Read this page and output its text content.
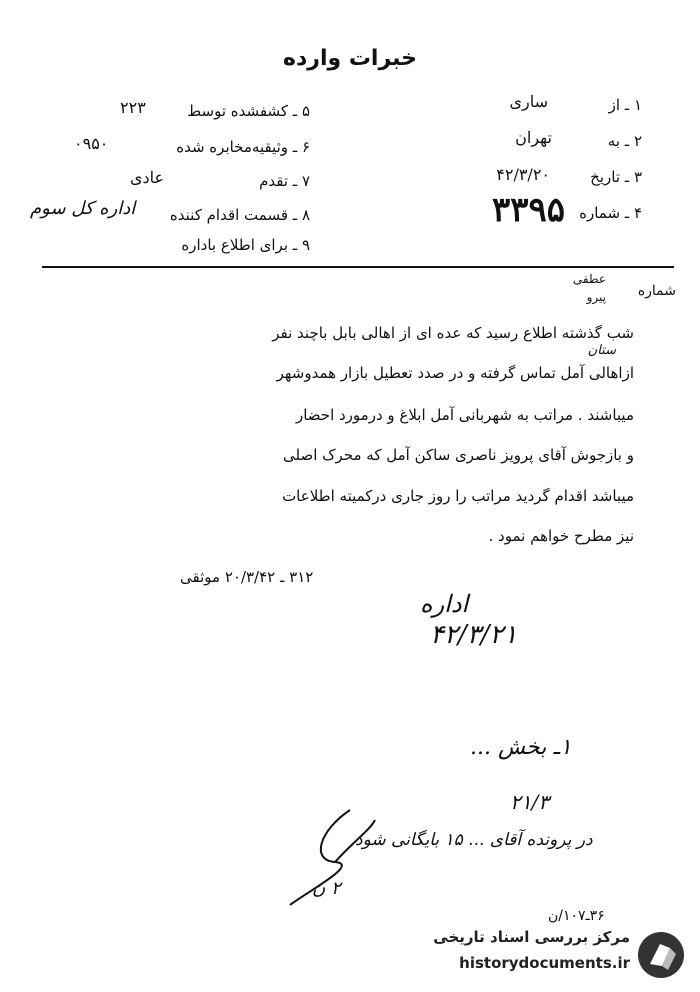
خبرات وارده
۱ ـ از
ساری
۲ ـ به
تهران
۳ ـ تاریخ
۴۲/۳/۲۰
۴ ـ شماره
۳۳۹۵
۵ ـ کشفشده توسط
۲۲۳
۶ ـ وثیقیه‌مخابره شده
۰۹۵۰
۷ ـ تقدم
عادی
۸ ـ قسمت اقدام کننده
اداره کل سوم
۹ ـ برای اطلاع باداره
شماره
عطفی
پیرو
شب گذشته اطلاع رسید که عده ای از اهالی بابل باچند نفر
ستان
ازاهالی آمل تماس گرفته و در صدد تعطیل بازار همدوشهر
میباشند . مراتب به شهربانی آمل ابلاغ و درمورد احضار
و بازجوش آقای پرویز ناصری ساکن آمل که محرک اصلی
میباشد اقدام گردید مراتب را روز جاری درکمیته اطلاعات
نیز مطرح خواهم نمود .
۳۱۲ ـ ۲۰/۳/۴۲ موثقی
اداره
۴۲/۳/۲۱
۱ـ بخش ...
۲۱/۳
در پرونده آقای ... ۱۵ بایگانی شود
۲ ن
۳۶ـ۱۰۷/ن
مرکز بررسی اسناد تاریخی
historydocuments.ir
